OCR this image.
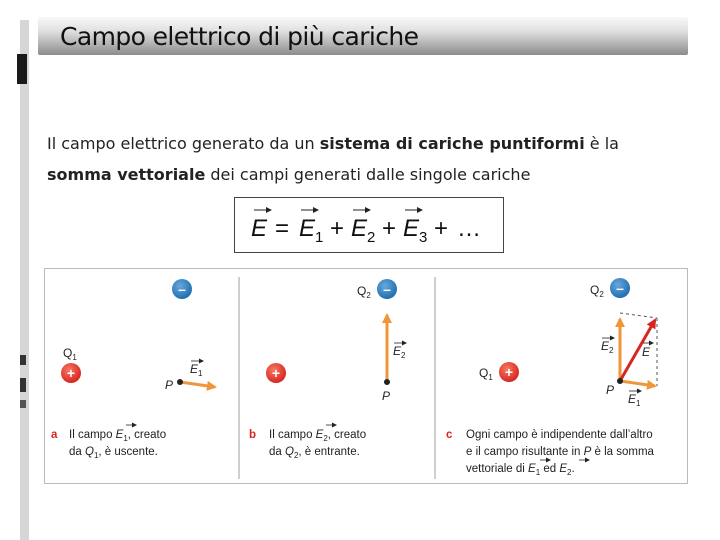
Campo elettrico di più cariche

Il campo elettrico generato da un sistema di cariche puntiformi è la somma vettoriale dei campi generati dalle singole cariche

E = E 1 + E 2 + E 3 + …
–
$Q_1$
+
P
$E_1$
$Q_2$ –
+
P
$E_2$
$Q_2$ –
$Q_1$ +
P
$E_2$ E
$E_1$
a Il campo $E_1$, creato
da $Q_1$, è uscente.
b Il campo $E_2$, creato
da $Q_2$, è entrante.
c Ogni campo è indipendente dall’altro
e il campo risultante in P è la somma
vettoriale di $E_1$ ed $E_2$.
